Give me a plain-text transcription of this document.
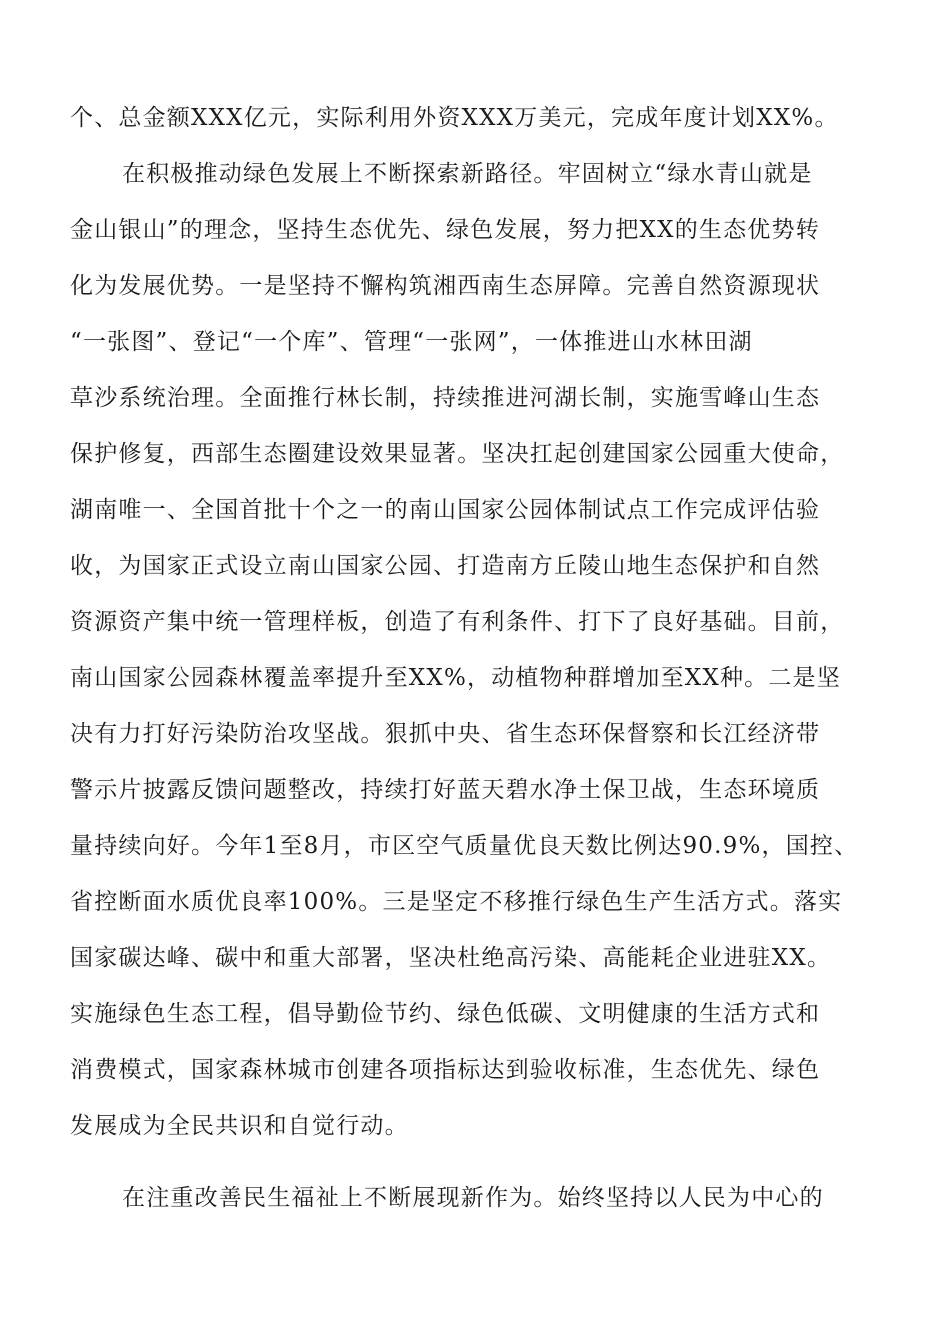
个、总金额XXX亿元，实际利用外资XXX万美元，完成年度计划XX%。
在积极推动绿色发展上不断探索新路径。牢固树立“绿水青山就是
金山银山”的理念，坚持生态优先、绿色发展，努力把XX的生态优势转
化为发展优势。一是坚持不懈构筑湘西南生态屏障。完善自然资源现状
“一张图”、登记“一个库”、管理“一张网”，一体推进山水林田湖
草沙系统治理。全面推行林长制，持续推进河湖长制，实施雪峰山生态
保护修复，西部生态圈建设效果显著。坚决扛起创建国家公园重大使命，
湖南唯一、全国首批十个之一的南山国家公园体制试点工作完成评估验
收，为国家正式设立南山国家公园、打造南方丘陵山地生态保护和自然
资源资产集中统一管理样板，创造了有利条件、打下了良好基础。目前，
南山国家公园森林覆盖率提升至XX%，动植物种群增加至XX种。二是坚
决有力打好污染防治攻坚战。狠抓中央、省生态环保督察和长江经济带
警示片披露反馈问题整改，持续打好蓝天碧水净土保卫战，生态环境质
量持续向好。今年1至8月，市区空气质量优良天数比例达90.9%，国控、
省控断面水质优良率100%。三是坚定不移推行绿色生产生活方式。落实
国家碳达峰、碳中和重大部署，坚决杜绝高污染、高能耗企业进驻XX。
实施绿色生态工程，倡导勤俭节约、绿色低碳、文明健康的生活方式和
消费模式，国家森林城市创建各项指标达到验收标准，生态优先、绿色
发展成为全民共识和自觉行动。
在注重改善民生福祉上不断展现新作为。始终坚持以人民为中心的
